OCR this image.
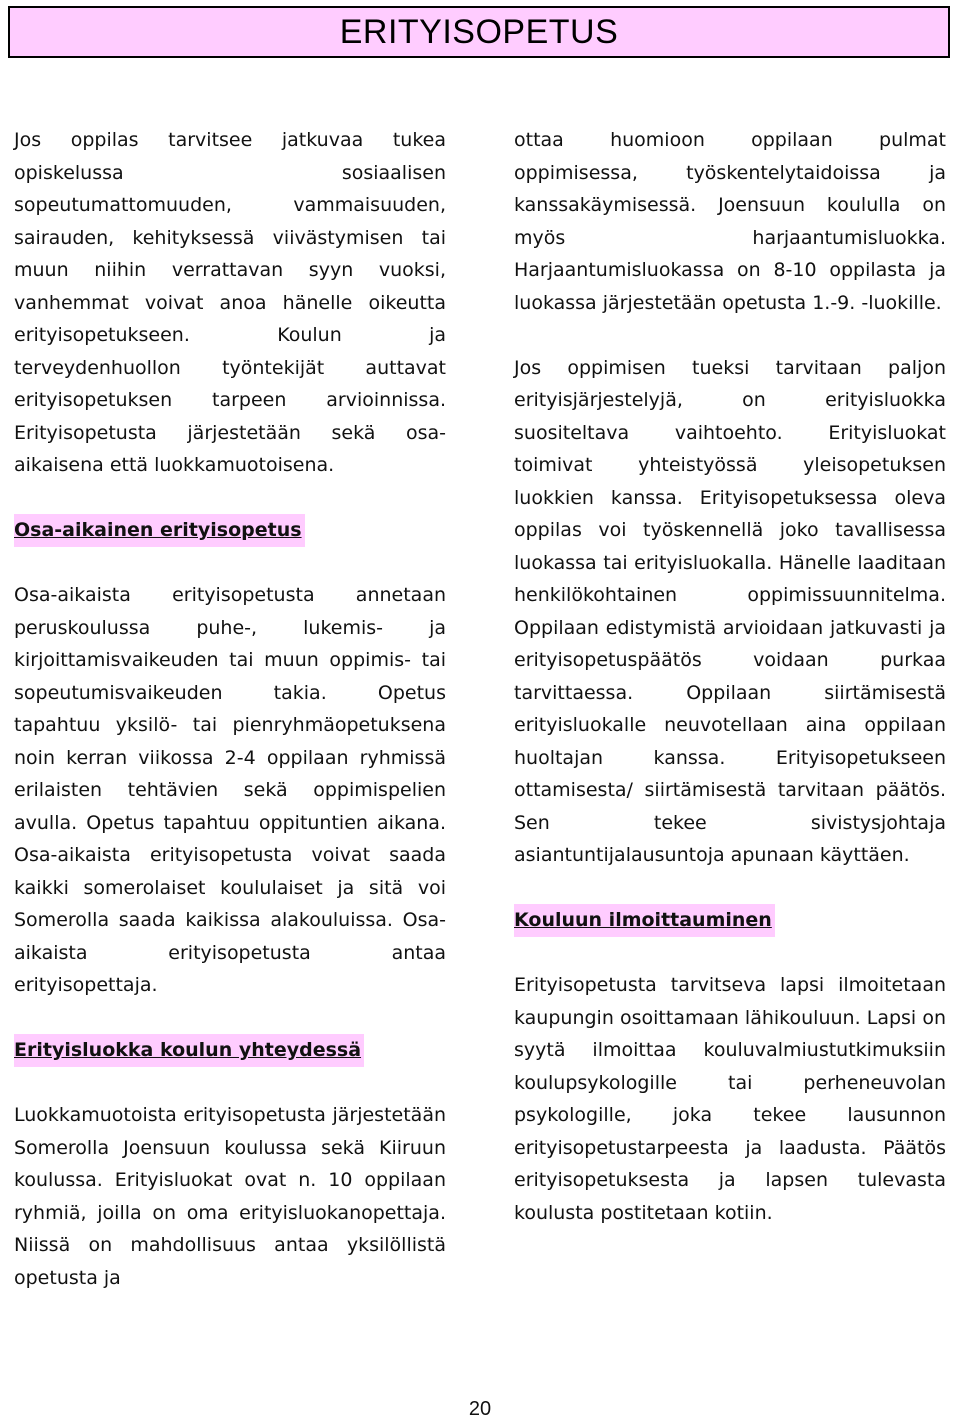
ERITYISOPETUS

Jos oppilas tarvitsee jatkuvaa tukea opiskelussa sosiaalisen sopeutumattomuuden, vammaisuuden, sairauden, kehityksessä viivästymisen tai muun niihin verrattavan syyn vuoksi, vanhemmat voivat anoa hänelle oikeutta erityisopetukseen. Koulun ja terveydenhuollon työntekijät auttavat erityisopetuksen tarpeen arvioinnissa. Erityisopetusta järjestetään sekä osa-aikaisena että luokkamuotoisena.

Osa-aikainen erityisopetus

Osa-aikaista erityisopetusta annetaan peruskoulussa puhe-, lukemis- ja kirjoittamisvaikeuden tai muun oppimis- tai sopeutumisvaikeuden takia. Opetus tapahtuu yksilö- tai pienryhmäopetuksena noin kerran viikossa 2-4 oppilaan ryhmissä erilaisten tehtävien sekä oppimispelien avulla. Opetus tapahtuu oppituntien aikana. Osa-aikaista erityisopetusta voivat saada kaikki somerolaiset koululaiset ja sitä voi Somerolla saada kaikissa alakouluissa. Osa-aikaista erityisopetusta antaa erityisopettaja.

Erityisluokka koulun yhteydessä

Luokkamuotoista erityisopetusta järjestetään Somerolla Joensuun koulussa sekä Kiiruun koulussa. Erityisluokat ovat n. 10 oppilaan ryhmiä, joilla on oma erityisluokanopettaja. Niissä on mahdollisuus antaa yksilöllistä opetusta ja

ottaa huomioon oppilaan pulmat oppimisessa, työskentelytaidoissa ja kanssakäymisessä. Joensuun koululla on myös harjaantumisluokka. Harjaantumisluokassa on 8-10 oppilasta ja luokassa järjestetään opetusta 1.-9. -luokille.

Jos oppimisen tueksi tarvitaan paljon erityisjärjestelyjä, on erityisluokka suositeltava vaihtoehto. Erityisluokat toimivat yhteistyössä yleisopetuksen luokkien kanssa. Erityisopetuksessa oleva oppilas voi työskennellä joko tavallisessa luokassa tai erityisluokalla. Hänelle laaditaan henkilökohtainen oppimissuunnitelma. Oppilaan edistymistä arvioidaan jatkuvasti ja erityisopetuspäätös voidaan purkaa tarvittaessa. Oppilaan siirtämisestä erityisluokalle neuvotellaan aina oppilaan huoltajan kanssa. Erityisopetukseen ottamisesta/ siirtämisestä tarvitaan päätös. Sen tekee sivistysjohtaja asiantuntijalausuntoja apunaan käyttäen.

Kouluun ilmoittauminen

Erityisopetusta tarvitseva lapsi ilmoitetaan kaupungin osoittamaan lähikouluun. Lapsi on syytä ilmoittaa kouluvalmiustutkimuksiin koulupsykologille tai perheneuvolan psykologille, joka tekee lausunnon erityisopetustarpeesta ja laadusta. Päätös erityisopetuksesta ja lapsen tulevasta koulusta postitetaan kotiin.

20
